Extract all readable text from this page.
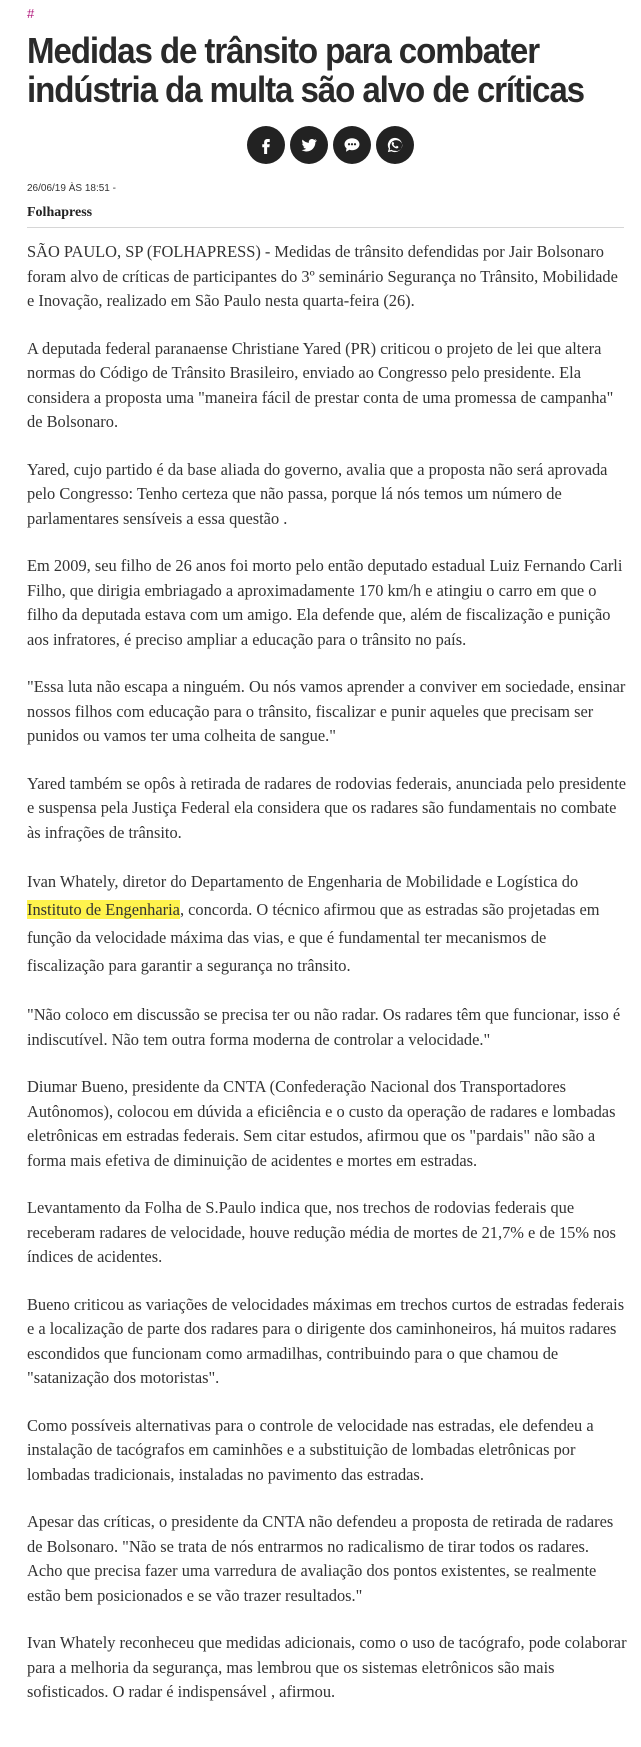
#
Medidas de trânsito para combater indústria da multa são alvo de críticas
26/06/19 ÀS 18:51 -
Folhapress

SÃO PAULO, SP (FOLHAPRESS) - Medidas de trânsito defendidas por Jair Bolsonaro foram alvo de críticas de participantes do 3º seminário Segurança no Trânsito, Mobilidade e Inovação, realizado em São Paulo nesta quarta-feira (26).

A deputada federal paranaense Christiane Yared (PR) criticou o projeto de lei que altera normas do Código de Trânsito Brasileiro, enviado ao Congresso pelo presidente. Ela considera a proposta uma "maneira fácil de prestar conta de uma promessa de campanha" de Bolsonaro.

Yared, cujo partido é da base aliada do governo, avalia que a proposta não será aprovada pelo Congresso: Tenho certeza que não passa, porque lá nós temos um número de parlamentares sensíveis a essa questão .

Em 2009, seu filho de 26 anos foi morto pelo então deputado estadual Luiz Fernando Carli Filho, que dirigia embriagado a aproximadamente 170 km/h e atingiu o carro em que o filho da deputada estava com um amigo. Ela defende que, além de fiscalização e punição aos infratores, é preciso ampliar a educação para o trânsito no país.

"Essa luta não escapa a ninguém. Ou nós vamos aprender a conviver em sociedade, ensinar nossos filhos com educação para o trânsito, fiscalizar e punir aqueles que precisam ser punidos ou vamos ter uma colheita de sangue."

Yared também se opôs à retirada de radares de rodovias federais, anunciada pelo presidente e suspensa pela Justiça Federal ela considera que os radares são fundamentais no combate às infrações de trânsito.

Ivan Whately, diretor do Departamento de Engenharia de Mobilidade e Logística do Instituto de Engenharia, concorda. O técnico afirmou que as estradas são projetadas em função da velocidade máxima das vias, e que é fundamental ter mecanismos de fiscalização para garantir a segurança no trânsito.

"Não coloco em discussão se precisa ter ou não radar. Os radares têm que funcionar, isso é indiscutível. Não tem outra forma moderna de controlar a velocidade."

Diumar Bueno, presidente da CNTA (Confederação Nacional dos Transportadores Autônomos), colocou em dúvida a eficiência e o custo da operação de radares e lombadas eletrônicas em estradas federais. Sem citar estudos, afirmou que os "pardais" não são a forma mais efetiva de diminuição de acidentes e mortes em estradas.

Levantamento da Folha de S.Paulo indica que, nos trechos de rodovias federais que receberam radares de velocidade, houve redução média de mortes de 21,7% e de 15% nos índices de acidentes.

Bueno criticou as variações de velocidades máximas em trechos curtos de estradas federais e a localização de parte dos radares para o dirigente dos caminhoneiros, há muitos radares escondidos que funcionam como armadilhas, contribuindo para o que chamou de "satanização dos motoristas".

Como possíveis alternativas para o controle de velocidade nas estradas, ele defendeu a instalação de tacógrafos em caminhões e a substituição de lombadas eletrônicas por lombadas tradicionais, instaladas no pavimento das estradas.

Apesar das críticas, o presidente da CNTA não defendeu a proposta de retirada de radares de Bolsonaro. "Não se trata de nós entrarmos no radicalismo de tirar todos os radares. Acho que precisa fazer uma varredura de avaliação dos pontos existentes, se realmente estão bem posicionados e se vão trazer resultados."

Ivan Whately reconheceu que medidas adicionais, como o uso de tacógrafo, pode colaborar para a melhoria da segurança, mas lembrou que os sistemas eletrônicos são mais sofisticados. O radar é indispensável , afirmou.
